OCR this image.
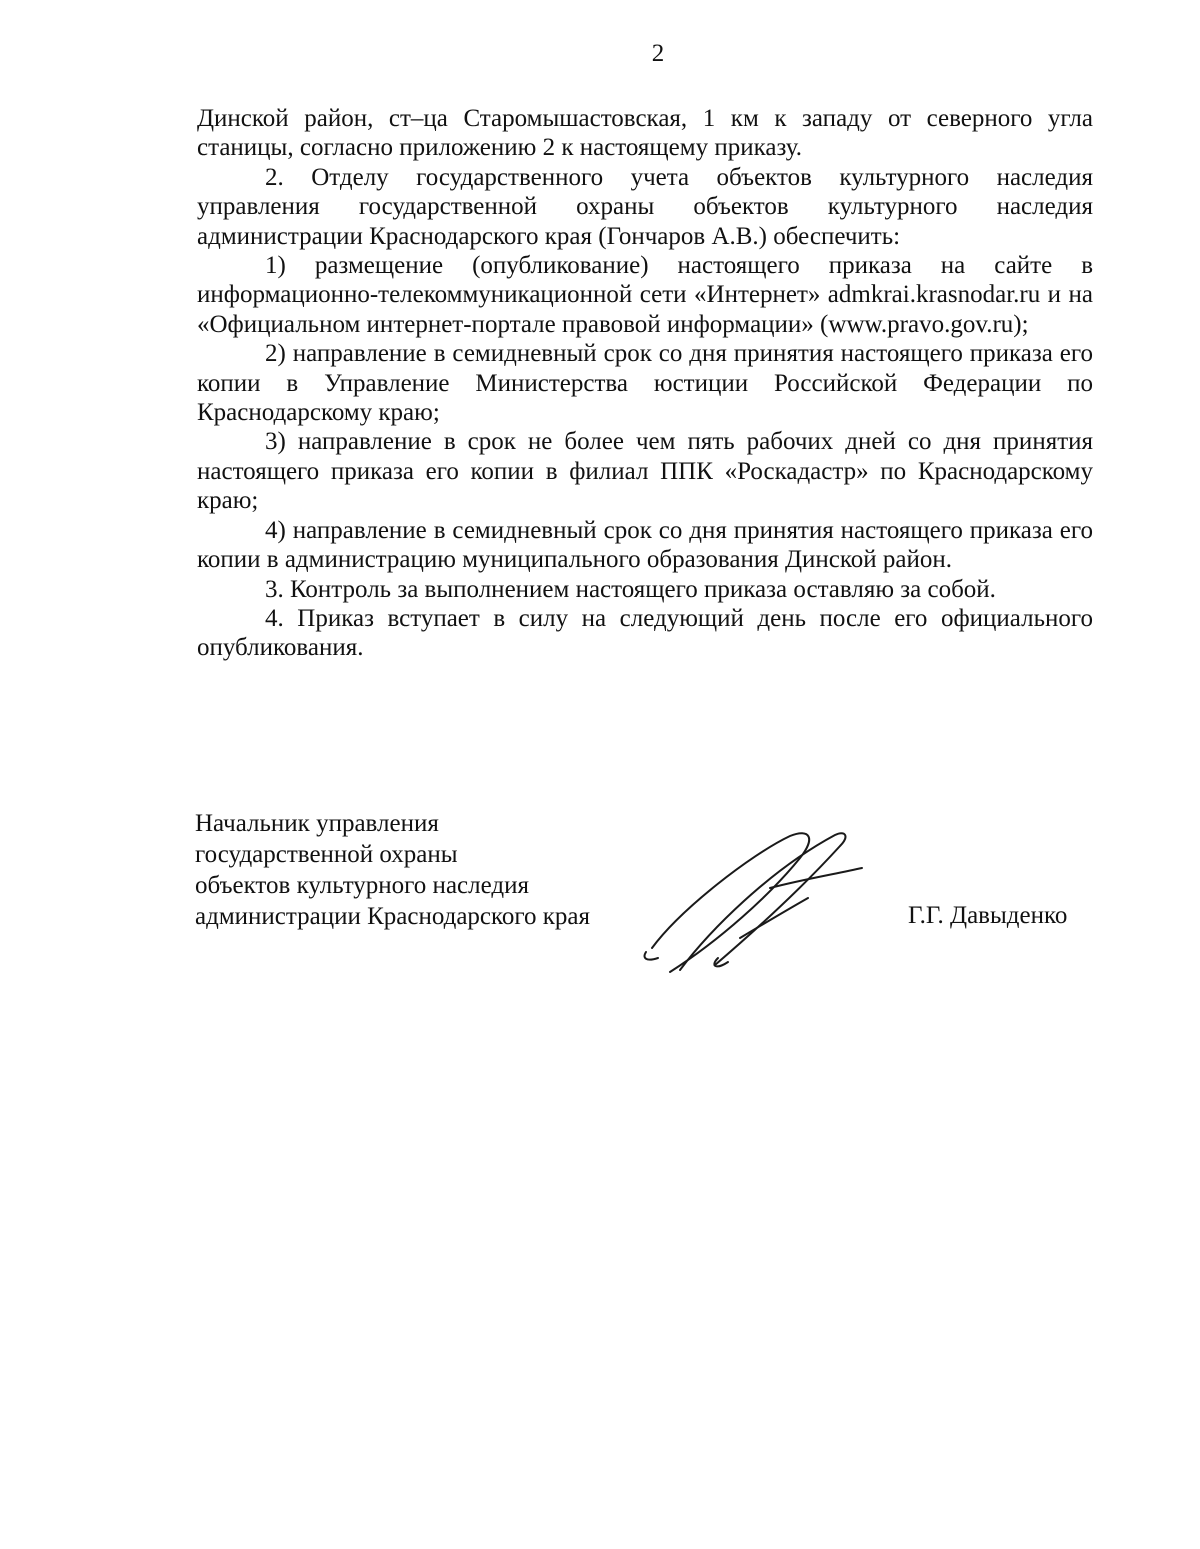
2

Динской район, ст–ца Старомышастовская, 1 км к западу от северного угла станицы, согласно приложению 2 к настоящему приказу.

2. Отделу государственного учета объектов культурного наследия управления государственной охраны объектов культурного наследия администрации Краснодарского края (Гончаров А.В.) обеспечить:

1) размещение (опубликование) настоящего приказа на сайте в информационно-телекоммуникационной сети «Интернет» admkrai.krasnodar.ru и на «Официальном интернет-портале правовой информации» (www.pravo.gov.ru);

2) направление в семидневный срок со дня принятия настоящего приказа его копии в Управление Министерства юстиции Российской Федерации по Краснодарскому краю;

3) направление в срок не более чем пять рабочих дней со дня принятия настоящего приказа его копии в филиал ППК «Роскадастр» по Краснодарскому краю;

4) направление в семидневный срок со дня принятия настоящего приказа его копии в администрацию муниципального образования Динской район.

3. Контроль за выполнением настоящего приказа оставляю за собой.

4. Приказ вступает в силу на следующий день после его официального опубликования.

Начальник управления
государственной охраны
объектов культурного наследия
администрации Краснодарского края	Г.Г. Давыденко
